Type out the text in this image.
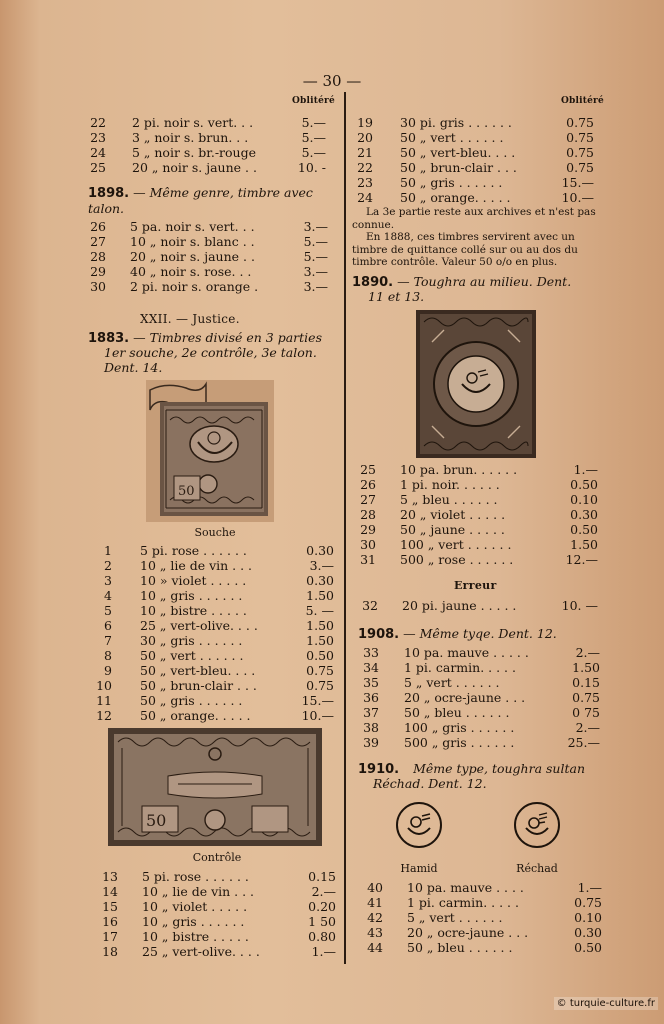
— 30 —
Oblitéré
22 2 pi. noir s. vert. . .	5.—
23 3 „ noir s. brun. . .	5.—
24 5 „ noir s. br.-rouge	5.—
25 20 „ noir s. jaune . .	10. -
1898. — Même genre, timbre avec talon.
26 5 pa. noir s. vert. . .	3.—
27 10 „ noir s. blanc . .	5.—
28 20 „ noir s. jaune . .	5.—
29 40 „ noir s. rose. . .	3.—
30 2 pi. noir s. orange .	3.—
XXII. — Justice.
1883. — Timbres divisé en 3 parties
1er souche, 2e contrôle, 3e talon.
Dent. 14.
50
Souche
1 5 pi. rose . . . . . .	0.30
2 10 „ lie de vin . . .	3.—
3 10 » violet . . . . .	0.30
4 10 „ gris . . . . . .	1.50
5 10 „ bistre . . . . .	5. —
6 25 „ vert-olive. . . .	1.50
7 30 „ gris . . . . . .	1.50
8 50 „ vert . . . . . .	0.50
9 50 „ vert-bleu. . . .	0.75
10 50 „ brun-clair . . .	0.75
11 50 „ gris . . . . . .	15.—
12 50 „ orange. . . . .	10.—
50
Contrôle
13 5 pi. rose . . . . . .	0.15
14 10 „ lie de vin . . .	2.—
15 10 „ violet . . . . .	0.20
16 10 „ gris . . . . . .	1 50
17 10 „ bistre . . . . .	0.80
18 25 „ vert-olive. . . .	1.—
Oblitéré
19 30 pi. gris . . . . . .	0.75
20 50 „ vert . . . . . .	0.75
21 50 „ vert-bleu. . . .	0.75
22 50 „ brun-clair . . .	0.75
23 50 „ gris . . . . . .	15.—
24 50 „ orange. . . . .	10.—
La 3e partie reste aux archives et n'est pas connue.
En 1888, ces timbres servirent avec un timbre de quittance collé sur ou au dos du timbre contrôle. Valeur 50 o/o en plus.
1890. — Toughra au milieu. Dent.
11 et 13.
25 10 pa. brun. . . . . .	1.—
26 1 pi. noir. . . . . .	0.50
27 5 „ bleu . . . . . .	0.10
28 20 „ violet . . . . .	0.30
29 50 „ jaune . . . . .	0.50
30 100 „ vert . . . . . .	1.50
31 500 „ rose . . . . . .	12.—
Erreur
32 20 pi. jaune . . . . .	10. —
1908. — Même tyqe. Dent. 12.
33 10 pa. mauve . . . . .	2.—
34 1 pi. carmin. . . . .	1.50
35 5 „ vert . . . . . .	0.15
36 20 „ ocre-jaune . . .	0.75
37 50 „ bleu . . . . . .	0 75
38 100 „ gris . . . . . .	2.—
39 500 „ gris . . . . . .	25.—
1910. Même type, toughra sultan
Réchad. Dent. 12.
Hamid	Réchad
40 10 pa. mauve . . . .	1.—
41 1 pi. carmin. . . . .	0.75
42 5 „ vert . . . . . .	0.10
43 20 „ ocre-jaune . . .	0.30
44 50 „ bleu . . . . . .	0.50
© turquie-culture.fr
